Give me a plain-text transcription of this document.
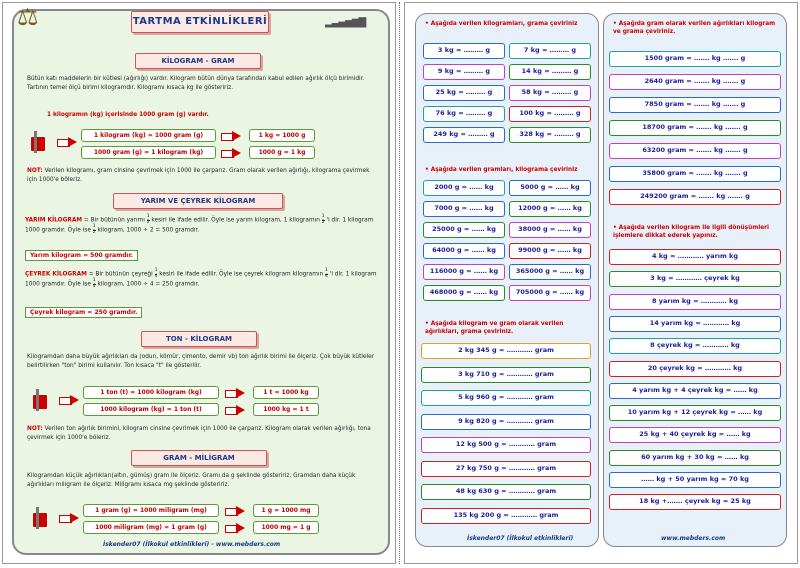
⚖	▂▃▄▅▆▇
TARTMA ETKİNLİKLERİ
KİLOGRAM - GRAM
Bütün katı maddelerin bir kütlesi (ağırlığı) vardır. Kilogram bütün dünya tarafından kabul edilen ağırlık ölçü birimidir. Tartının temel ölçü birimi kilogramdır. Kilogramı kısaca kg ile gösteririz.
1 kilogramın (kg) içerisinde 1000 gram (g) vardır.
1 kilogram (kg) = 1000 gram (g)
1000 gram (g) = 1 kilogram (kg)
1 kg = 1000 g
1000 g = 1 kg
NOT: Verilen kilogramı, gram cinsine çevrimek için 1000 ile çarparız. Gram olarak verilen ağırlığı, kilograma çevirmek için 1000'e böleriz.
YARIM VE ÇEYREK KİLOGRAM
YARIM KİLOGRAM = Bir bütünün yarımı $\frac{1}{2}$ kesiri ile ifade edilir. Öyle ise yarım kilogram, 1 kilogramın $\frac{1}{2}$ 'i dir. 1 kilogram 1000 gramdır. Öyle ise $\frac{1}{2}$ kilogram, 1000 ÷ 2 = 500 gramdır.
Yarım kilogram = 500 gramdır.
ÇEYREK KİLOGRAM = Bir bütünün çeyreği $\frac{1}{4}$ kesiri ile ifade edilir. Öyle ise çeyrek kilogram kilogramın $\frac{1}{4}$ 'i dir. 1 kilogram 1000 gramdır. Öyle ise $\frac{1}{4}$ kilogram, 1000 ÷ 4 = 250 gramdır.
Çeyrek kilogram = 250 gramdır.
TON - KİLOGRAM
Kilogramdan daha büyük ağırlıkları da (odun, kömür, çimento, demir vb) ton ağırlık birimi ile ölçeriz. Çok büyük kütleler belirtilirken "ton" birimi kullanılır. Ton kısaca "t" ile gösterilir.
1 ton (t) = 1000 kilogram (kg)
1000 kilogram (kg) = 1 ton (t)
1 t = 1000 kg
1000 kg = 1 t
NOT: Verilen ton ağırlık birimini, kilogram cinsine çevrimek için 1000 ile çarparız. Kilogram olarak verilen ağırlığı, tona çevirmek için 1000'e böleriz.
GRAM - MİLİGRAM
Kilogramdan küçük ağırlıkları(altın, gümüş) gram ile ölçeriz. Gramı da g şeklinde gösteririz. Gramdan daha küçük ağırlıkları miligram ile ölçeriz. Miligramı kısaca mg şeklinde gösteririz.
1 gram (g) = 1000 miligram (mg)
1000 miligram (mg) = 1 gram (g)
1 g = 1000 mg
1000 mg = 1 g
İskender07 (İlkokul etkinlikleri) - www.mebders.com
İskender07 (İlkokul etkinlikleri)	www.mebders.com
• Aşağıda verilen kilogramları, grama çeviriniz
3 kg = ……… g	7 kg = ……… g
9 kg = ……… g	14 kg = ……… g
25 kg = ……… g	58 kg = ……… g
76 kg = ……… g	100 kg = ……… g
249 kg = ……… g	328 kg = ……… g
• Aşağıda verilen gramları, kilograma çeviriniz
2000 g = …… kg	5000 g = …… kg
7000 g = …… kg	12000 g = …… kg
25000 g = …… kg	38000 g = …… kg
64000 g = …… kg	99000 g = …… kg
116000 g = …… kg	365000 g = …… kg
468000 g = …… kg	705000 g = …… kg
• Aşağıda kilogram ve gram olarak verilen ağırlıkları, grama çeviriniz.
2 kg 345 g = ………… gram
3 kg 710 g = ………… gram
5 kg 960 g = ………… gram
9 kg 820 g = ………… gram
12 kg 500 g = ………… gram
27 kg 750 g = ………… gram
48 kg 630 g = ………… gram
135 kg 200 g = ………… gram
• Aşağıda gram olarak verilen ağırlıkları kilogram ve grama çeviriniz.
1500 gram = ……. kg ……. g
2640 gram = ……. kg ……. g
7850 gram = ……. kg ……. g
18700 gram = ……. kg ……. g
63200 gram = ……. kg ……. g
35800 gram = ……. kg ……. g
249200 gram = ……. kg ……. g
• Aşağıda verilen kilogram ile ilgili dönüşümleri işlemlere dikkat ederek yapınız.
4 kg = ………… yarım kg
3 kg = ………… çeyrek kg
8 yarım kg = ………… kg
14 yarım kg = ………… kg
8 çeyrek kg = ………… kg
20 çeyrek kg = ………… kg
4 yarım kg + 4 çeyrek kg = …… kg
10 yarım kg + 12 çeyrek kg = …… kg
25 kg + 40 çeyrek kg = …… kg
60 yarım kg + 30 kg = …… kg
…… kg + 50 yarım kg = 70 kg
18 kg +……. çeyrek kg = 25 kg
